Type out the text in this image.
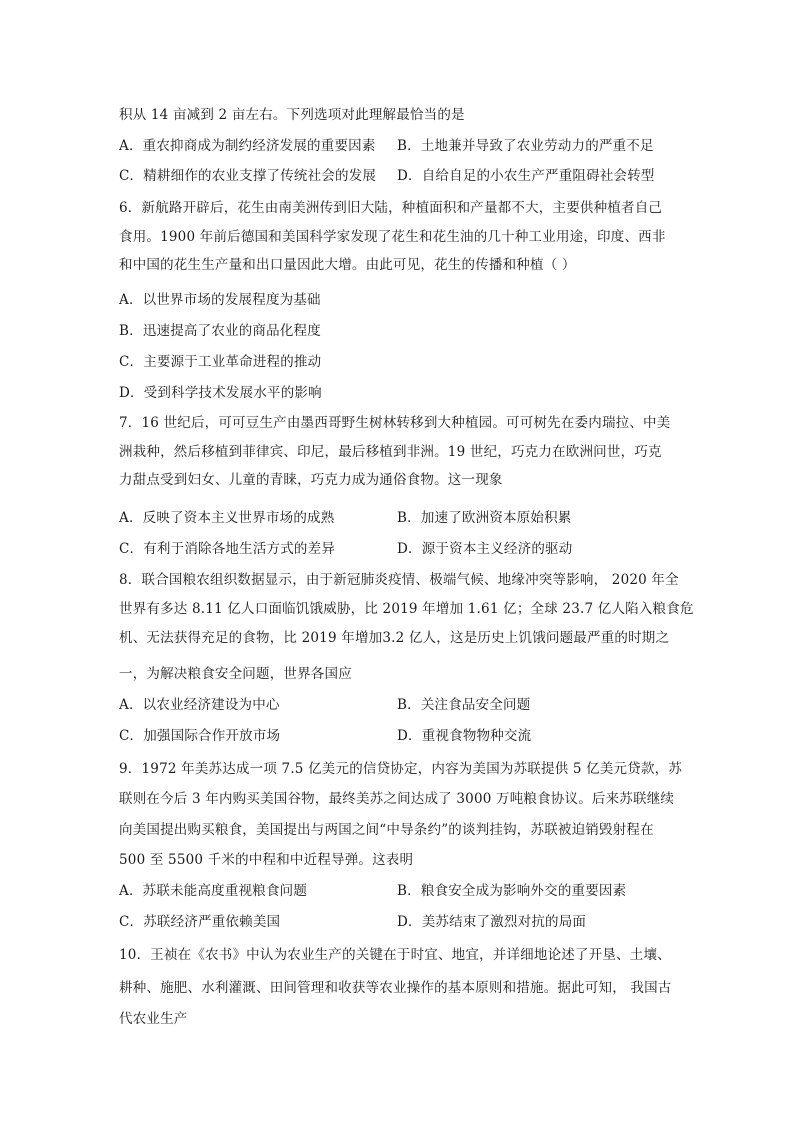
积从 14 亩减到 2 亩左右。下列选项对此理解最恰当的是
A．重农抑商成为制约经济发展的重要因素 B．土地兼并导致了农业劳动力的严重不足
C．精耕细作的农业支撑了传统社会的发展 D．自给自足的小农生产严重阻碍社会转型
6．新航路开辟后，花生由南美洲传到旧大陆，种植面积和产量都不大，主要供种植者自己
食用。1900 年前后德国和美国科学家发现了花生和花生油的几十种工业用途，印度、西非
和中国的花生生产量和出口量因此大增。由此可见，花生的传播和种植（ ）
A．以世界市场的发展程度为基础
B．迅速提高了农业的商品化程度
C．主要源于工业革命进程的推动
D．受到科学技术发展水平的影响
7．16 世纪后，可可豆生产由墨西哥野生树林转移到大种植园。可可树先在委内瑞拉、中美
洲栽种，然后移植到菲律宾、印尼，最后移植到非洲。19 世纪，巧克力在欧洲问世，巧克
力甜点受到妇女、儿童的青睐，巧克力成为通俗食物。这一现象
A．反映了资本主义世界市场的成熟	B．加速了欧洲资本原始积累
C．有利于消除各地生活方式的差异	D．源于资本主义经济的驱动
8．联合国粮农组织数据显示，由于新冠肺炎疫情、极端气候、地缘冲突等影响， 2020 年全
世界有多达 8.11 亿人口面临饥饿威胁，比 2019 年增加 1.61 亿；全球 23.7 亿人陷入粮食危
机、无法获得充足的食物，比 2019 年增加3.2 亿人，这是历史上饥饿问题最严重的时期之
一，为解决粮食安全问题，世界各国应
A．以农业经济建设为中心	B．关注食品安全问题
C．加强国际合作开放市场	D．重视食物物种交流
9．1972 年美苏达成一项 7.5 亿美元的信贷协定，内容为美国为苏联提供 5 亿美元贷款，苏
联则在今后 3 年内购买美国谷物，最终美苏之间达成了 3000 万吨粮食协议。后来苏联继续
向美国提出购买粮食，美国提出与两国之间“中导条约”的谈判挂钩，苏联被迫销毁射程在
500 至 5500 千米的中程和中近程导弹。这表明
A．苏联未能高度重视粮食问题	B．粮食安全成为影响外交的重要因素
C．苏联经济严重依赖美国	D．美苏结束了激烈对抗的局面
10．王祯在《农书》中认为农业生产的关键在于时宜、地宜，并详细地论述了开垦、土壤、
耕种、施肥、水利灌溉、田间管理和收获等农业操作的基本原则和措施。据此可知， 我国古
代农业生产
